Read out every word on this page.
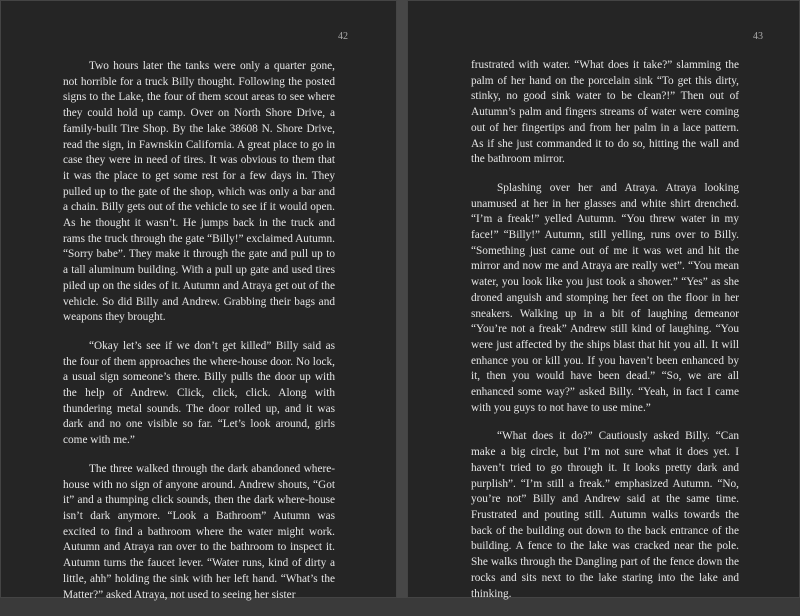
42

Two hours later the tanks were only a quarter gone, not horrible for a truck Billy thought. Following the posted signs to the Lake, the four of them scout areas to see where they could hold up camp. Over on North Shore Drive, a family-built Tire Shop. By the lake 38608 N. Shore Drive, read the sign, in Fawnskin California. A great place to go in case they were in need of tires. It was obvious to them that it was the place to get some rest for a few days in. They pulled up to the gate of the shop, which was only a bar and a chain. Billy gets out of the vehicle to see if it would open. As he thought it wasn’t. He jumps back in the truck and rams the truck through the gate “Billy!” exclaimed Autumn. “Sorry babe”. They make it through the gate and pull up to a tall aluminum building. With a pull up gate and used tires piled up on the sides of it. Autumn and Atraya get out of the vehicle. So did Billy and Andrew. Grabbing their bags and weapons they brought.

“Okay let’s see if we don’t get killed” Billy said as the four of them approaches the where-house door. No lock, a usual sign someone’s there. Billy pulls the door up with the help of Andrew. Click, click, click. Along with thundering metal sounds. The door rolled up, and it was dark and no one visible so far. “Let’s look around, girls come with me.”

The three walked through the dark abandoned where-house with no sign of anyone around. Andrew shouts, “Got it” and a thumping click sounds, then the dark where-house isn’t dark anymore. “Look a Bathroom” Autumn was excited to find a bathroom where the water might work. Autumn and Atraya ran over to the bathroom to inspect it. Autumn turns the faucet lever. “Water runs, kind of dirty a little, ahh” holding the sink with her left hand. “What’s the Matter?” asked Atraya, not used to seeing her sister

43

frustrated with water. “What does it take?” slamming the palm of her hand on the porcelain sink “To get this dirty, stinky, no good sink water to be clean?!” Then out of Autumn’s palm and fingers streams of water were coming out of her fingertips and from her palm in a lace pattern. As if she just commanded it to do so, hitting the wall and the bathroom mirror.

Splashing over her and Atraya. Atraya looking unamused at her in her glasses and white shirt drenched. “I’m a freak!” yelled Autumn. “You threw water in my face!” “Billy!” Autumn, still yelling, runs over to Billy. “Something just came out of me it was wet and hit the mirror and now me and Atraya are really wet”. “You mean water, you look like you just took a shower.” “Yes” as she droned anguish and stomping her feet on the floor in her sneakers. Walking up in a bit of laughing demeanor “You’re not a freak” Andrew still kind of laughing. “You were just affected by the ships blast that hit you all. It will enhance you or kill you. If you haven’t been enhanced by it, then you would have been dead.” “So, we are all enhanced some way?” asked Billy. “Yeah, in fact I came with you guys to not have to use mine.”

“What does it do?” Cautiously asked Billy. “Can make a big circle, but I’m not sure what it does yet. I haven’t tried to go through it. It looks pretty dark and purplish”. “I’m still a freak.” emphasized Autumn. “No, you’re not” Billy and Andrew said at the same time. Frustrated and pouting still. Autumn walks towards the back of the building out down to the back entrance of the building. A fence to the lake was cracked near the pole. She walks through the Dangling part of the fence down the rocks and sits next to the lake staring into the lake and thinking.
